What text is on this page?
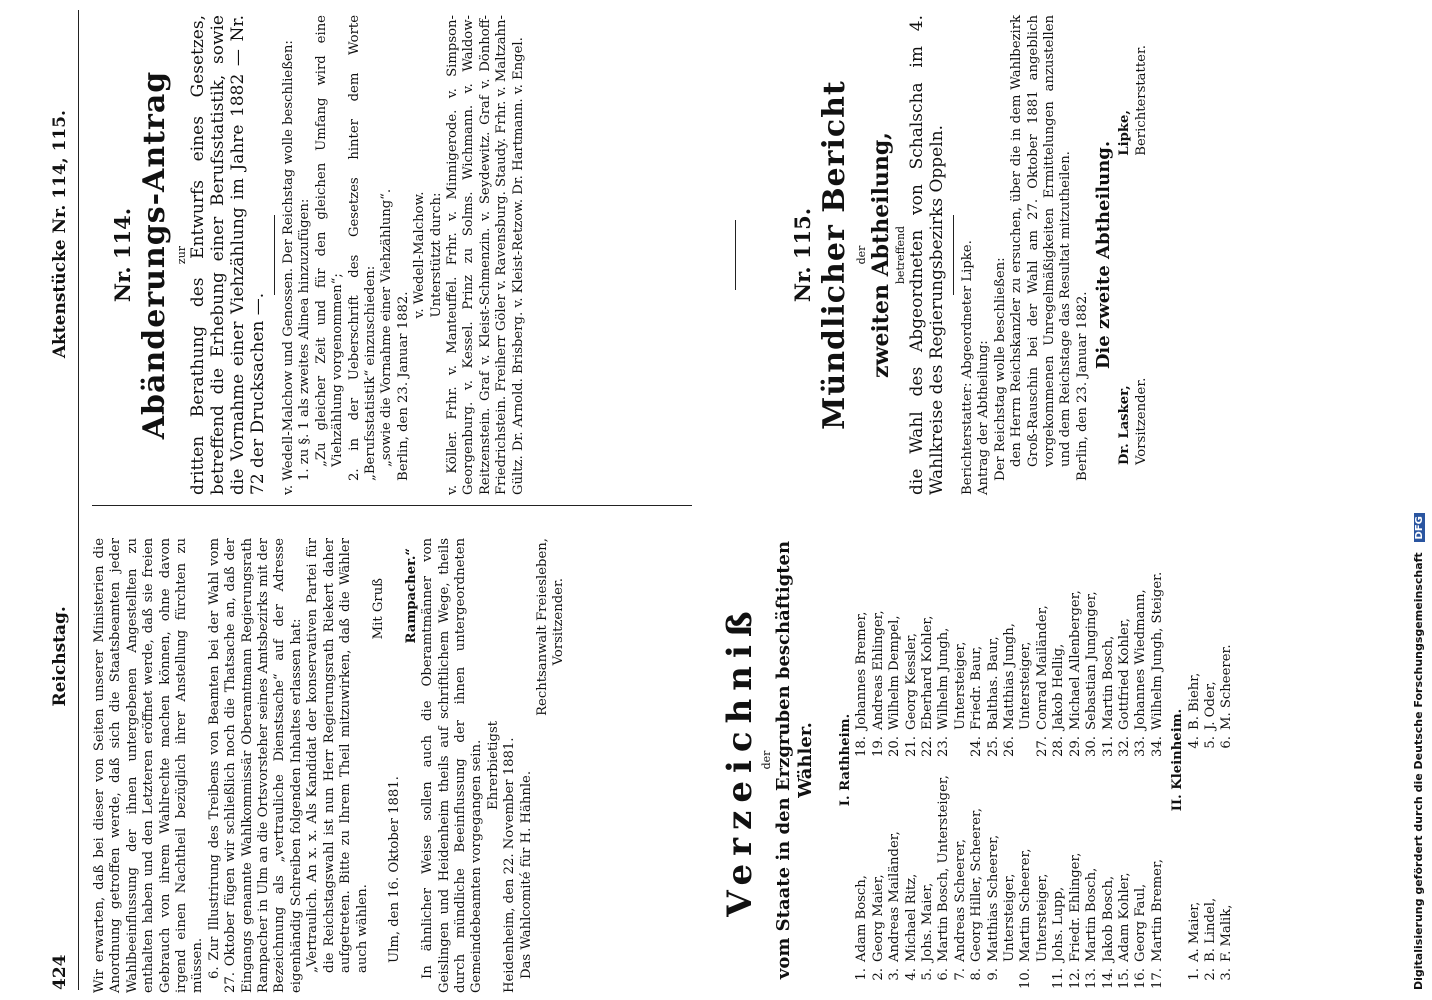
424
Reichstag.
Aktenstücke Nr. 114, 115.

Wir erwarten, daß bei dieser von Seiten unserer Ministerien die Anordnung getroffen werde, daß sich die Staatsbeamten jeder Wahlbeeinflussung der ihnen untergebenen Angestellten zu enthalten haben und den Letzteren eröffnet werde, daß sie freien Gebrauch von ihrem Wahlrechte machen können, ohne davon irgend einen Nachtheil bezüglich ihrer Anstellung fürchten zu müssen. 6. Zur Illustrirung des Treibens von Beamten bei der Wahl vom 27. Oktober fügen wir schließlich noch die Thatsache an, daß der Eingangs genannte Wahlkommissär Oberamtmann Regierungsrath Rampacher in Ulm an die Ortsvorsteher seines Amtsbezirks mit der Bezeichnung als „vertrauliche Dienstsache“ auf der Adresse eigenhändig Schreiben folgenden Inhaltes erlassen hat: „Vertraulich. An x. x. Als Kandidat der konservativen Partei für die Reichstagswahl ist nun Herr Regierungsrath Riekert daher aufgetreten. Bitte zu Ihrem Theil mitzuwirken, daß die Wähler auch wählen.

Mit Gruß

Ulm, den 16. Oktober 1881.

Rampacher.“ In ähnlicher Weise sollen auch die Oberamtmänner von Geislingen und Heidenheim theils auf schriftlichem Wege, theils durch mündliche Beeinflussung der ihnen untergeordneten Gemeindebeamten vorgegangen sein. Ehrerbietigst Heidenheim, den 22. November 1881. Das Wahlcomité für H. Hähnle.

Rechtsanwalt Freiesleben, Vorsitzender.	Verzeichniß der vom Staate in den Erzgruben beschäftigten Wähler. I. Rathheim.

1.
Adam Bosch,
2.
Georg Maier,
3.
Andreas Mailänder,
4.
Michael Ritz,
5.
Johs. Maier,
6.
Martin Bosch, Untersteiger,
7.
Andreas Scheerer,
8.
Georg Hiller, Scheerer,
9.
Matthias Scheerer, Untersteiger,
10.
Martin Scheerer, Untersteiger,
11.
Johs. Lupp,
12.
Friedr. Ehlinger,
13.
Martin Bosch,
14.
Jakob Bosch,
15.
Adam Kohler,
16.
Georg Faul,
17.
Martin Bremer,
18.
Johannes Bremer,
19.
Andreas Ehlinger,
20.
Wilhelm Dempel,
21.
Georg Kessler,
22.
Eberhard Kohler,
23.
Wilhelm Jungh, Untersteiger,
24.
Friedr. Baur,
25.
Balthas. Baur,
26.
Matthias Jungh, Untersteiger,
27.
Conrad Mailänder,
28.
Jakob Hellig,
29.
Michael Allenberger,
30.
Sebastian Junginger,
31.
Martin Bosch,
32.
Gottfried Kohler,
33.
Johannes Wiedmann,
34.
Wilhelm Jungh, Steiger.

II. Kleinheim.

1.
A. Maier,
2.
B. Lindel,
3.
F. Malik,
4.
B. Biehr,
5.
J. Oder,
6.
M. Scheerer.

Nr. 114. Abänderungs-Antrag zur dritten Berathung des Entwurfs eines Gesetzes, betreffend die Erhebung einer Berufsstatistik, sowie die Vornahme einer Viehzählung im Jahre 1882 — Nr. 72 der Drucksachen —. v. Wedell-Malchow und Genossen. Der Reichstag wolle beschließen: 1. zu §. 1 als zweites Alinea hinzuzufügen: „Zu gleicher Zeit und für den gleichen Umfang wird eine Viehzählung vorgenommen“; 2. in der Ueberschrift des Gesetzes hinter dem Worte „Berufsstatistik“ einzuschieden: „sowie die Vornahme einer Viehzählung“. Berlin, den 23. Januar 1882.

v. Wedell-Malchow. Unterstützt durch: v. Köller. Frhr. v. Manteuffel. Frhr. v. Minnigerode. v. Simpson-Georgenburg. v. Kessel. Prinz zu Solms. Wichmann. v. Waldow-Reitzenstein. Graf v. Kleist-Schmenzin. v. Seydewitz. Graf v. Dönhoff-Friedrichstein. Freiherr Göler v. Ravensburg. Staudy. Frhr. v. Maltzahn-Gültz. Dr. Arnold. Brisberg. v. Kleist-Retzow. Dr. Hartmann. v. Engel.	Nr. 115. Mündlicher Bericht der zweiten Abtheilung, betreffend die Wahl des Abgeordneten von Schalscha im 4. Wahlkreise des Regierungsbezirks Oppeln. Berichterstatter: Abgeordneter Lipke. Antrag der Abtheilung: Der Reichstag wolle beschließen: den Herrn Reichskanzler zu ersuchen, über die in dem Wahlbezirk Groß-Rauschin bei der Wahl am 27. Oktober 1881 angeblich vorgekommenen Unregelmäßigkeiten Ermittelungen anzustellen und dem Reichstage das Resultat mitzutheilen. Berlin, den 23. Januar 1882.

Die zweite Abtheilung.

Dr. Lasker, Vorsitzender.

Lipke, Berichterstatter.

Digitalisierung gefördert durch die Deutsche Forschungsgemeinschaft DFG
